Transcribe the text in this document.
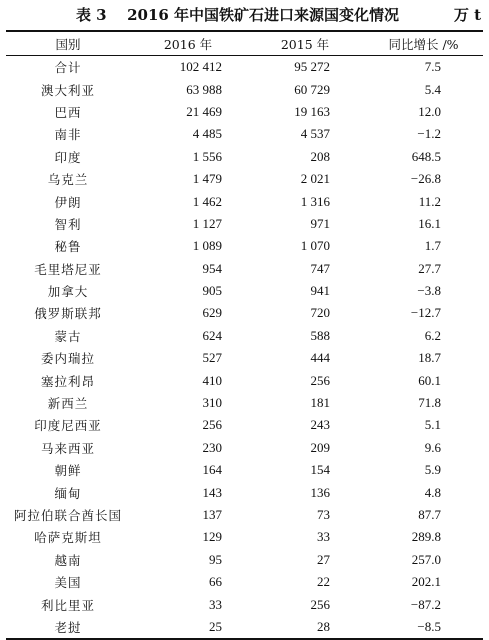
表 3 2016 年中国铁矿石进口来源国变化情况	万 t
国别	2016 年	2015 年	同比增长 /%
合计	102 412	95 272	7.5
澳大利亚	63 988	60 729	5.4
巴西	21 469	19 163	12.0
南非	4 485	4 537	−1.2
印度	1 556	208	648.5
乌克兰	1 479	2 021	−26.8
伊朗	1 462	1 316	11.2
智利	1 127	971	16.1
秘鲁	1 089	1 070	1.7
毛里塔尼亚	954	747	27.7
加拿大	905	941	−3.8
俄罗斯联邦	629	720	−12.7
蒙古	624	588	6.2
委内瑞拉	527	444	18.7
塞拉利昂	410	256	60.1
新西兰	310	181	71.8
印度尼西亚	256	243	5.1
马来西亚	230	209	9.6
朝鲜	164	154	5.9
缅甸	143	136	4.8
阿拉伯联合酋长国	137	73	87.7
哈萨克斯坦	129	33	289.8
越南	95	27	257.0
美国	66	22	202.1
利比里亚	33	256	−87.2
老挝	25	28	−8.5
